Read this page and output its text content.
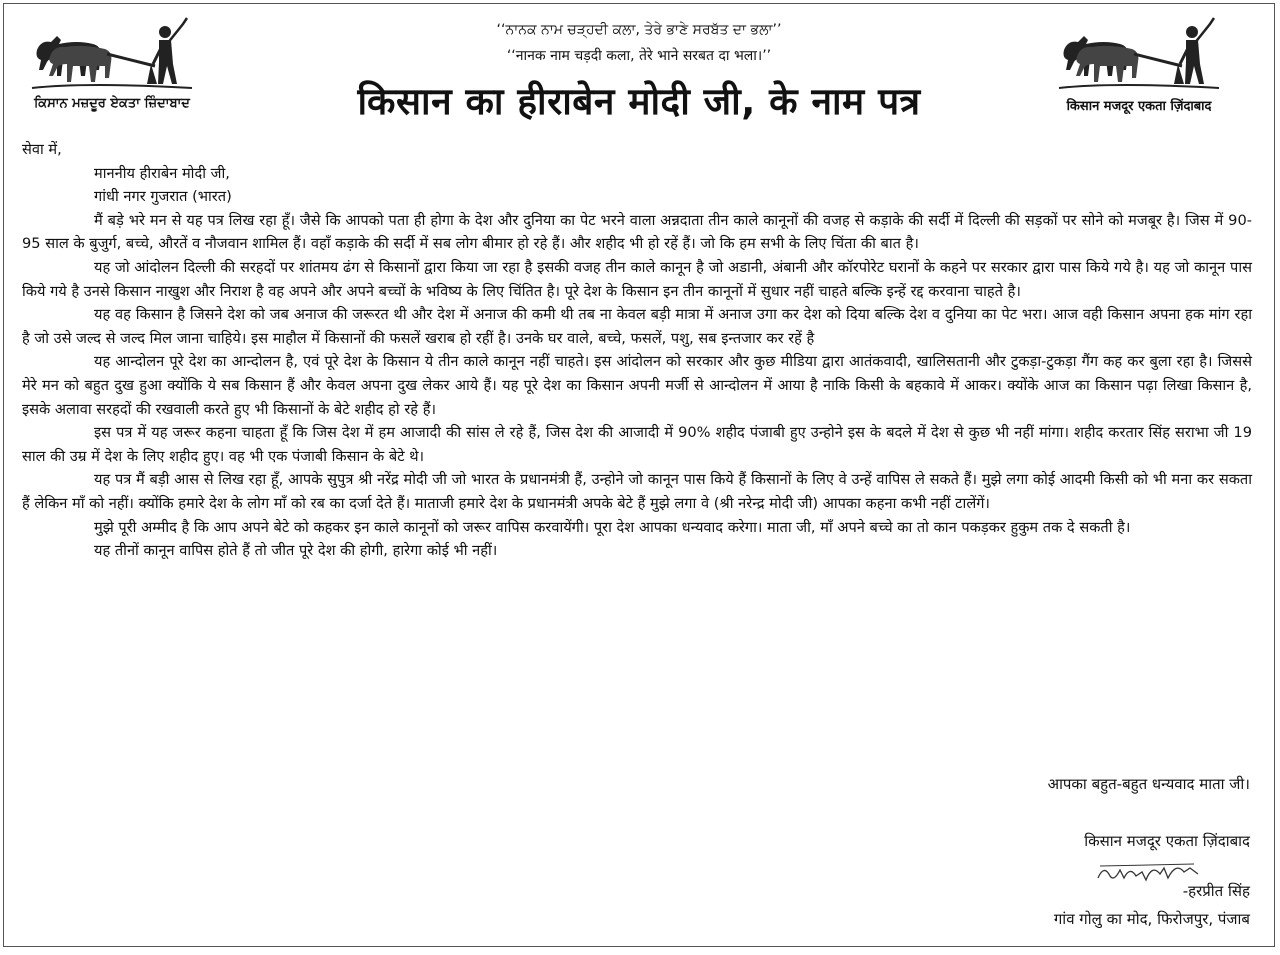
ਕਿਸਾਨ ਮਜ਼ਦੂਰ ਏਕਤਾ ਜ਼ਿੰਦਾਬਾਦ
‘‘ਨਾਨਕ ਨਾਮ ਚੜ੍ਹਦੀ ਕਲਾ, ਤੇਰੇ ਭਾਣੇ ਸਰਬੱਤ ਦਾ ਭਲਾ’’
‘‘नानक नाम चड़दी कला, तेरे भाने सरबत दा भला।’’
किसान का हीराबेन मोदी जी, के नाम पत्र	किसान मजदूर एकता ज़िंदाबाद
सेवा में,
माननीय हीराबेन मोदी जी,
गांधी नगर गुजरात (भारत)

मैं बड़े भरे मन से यह पत्र लिख रहा हूँ। जैसे कि आपको पता ही होगा के देश और दुनिया का पेट भरने वाला अन्नदाता तीन काले कानूनों की वजह से कड़ाके की सर्दी में दिल्ली की सड़कों पर सोने को मजबूर है। जिस में 90-95 साल के बुजुर्ग, बच्चे, औरतें व नौजवान शामिल हैं। वहाँ कड़ाके की सर्दी में सब लोग बीमार हो रहे हैं। और शहीद भी हो रहें हैं। जो कि हम सभी के लिए चिंता की बात है।

यह जो आंदोलन दिल्ली की सरहदों पर शांतमय ढंग से किसानों द्वारा किया जा रहा है इसकी वजह तीन काले कानून है जो अडानी, अंबानी और कॉरपोरेट घरानों के कहने पर सरकार द्वारा पास किये गये है। यह जो कानून पास किये गये है उनसे किसान नाखुश और निराश है वह अपने और अपने बच्चों के भविष्य के लिए चिंतित है। पूरे देश के किसान इन तीन कानूनों में सुधार नहीं चाहते बल्कि इन्हें रद्द करवाना चाहते है।

यह वह किसान है जिसने देश को जब अनाज की जरूरत थी और देश में अनाज की कमी थी तब ना केवल बड़ी मात्रा में अनाज उगा कर देश को दिया बल्कि देश व दुनिया का पेट भरा। आज वही किसान अपना हक मांग रहा है जो उसे जल्द से जल्द मिल जाना चाहिये। इस माहौल में किसानों की फसलें खराब हो रहीं है। उनके घर वाले, बच्चे, फसलें, पशु, सब इन्तजार कर रहें है

यह आन्दोलन पूरे देश का आन्दोलन है, एवं पूरे देश के किसान ये तीन काले कानून नहीं चाहते। इस आंदोलन को सरकार और कुछ मीडिया द्वारा आतंकवादी, खालिसतानी और टुकड़ा-टुकड़ा गैंग कह कर बुला रहा है। जिससे मेरे मन को बहुत दुख हुआ क्योंकि ये सब किसान हैं और केवल अपना दुख लेकर आये हैं। यह पूरे देश का किसान अपनी मर्जी से आन्दोलन में आया है नाकि किसी के बहकावे में आकर। क्योंके आज का किसान पढ़ा लिखा किसान है, इसके अलावा सरहदों की रखवाली करते हुए भी किसानों के बेटे शहीद हो रहे हैं।

इस पत्र में यह जरूर कहना चाहता हूँ कि जिस देश में हम आजादी की सांस ले रहे हैं, जिस देश की आजादी में 90% शहीद पंजाबी हुए उन्होने इस के बदले में देश से कुछ भी नहीं मांगा। शहीद करतार सिंह सराभा जी 19 साल की उम्र में देश के लिए शहीद हुए। वह भी एक पंजाबी किसान के बेटे थे।

यह पत्र मैं बड़ी आस से लिख रहा हूँ, आपके सुपुत्र श्री नरेंद्र मोदी जी जो भारत के प्रधानमंत्री हैं, उन्होने जो कानून पास किये हैं किसानों के लिए वे उन्हें वापिस ले सकते हैं। मुझे लगा कोई आदमी किसी को भी मना कर सकता हैं लेकिन माँ को नहीं। क्योंकि हमारे देश के लोग माँ को रब का दर्जा देते हैं। माताजी हमारे देश के प्रधानमंत्री अपके बेटे हैं मुझे लगा वे (श्री नरेन्द्र मोदी जी) आपका कहना कभी नहीं टालेंगें।

मुझे पूरी अम्मीद है कि आप अपने बेटे को कहकर इन काले कानूनों को जरूर वापिस करवायेंगी। पूरा देश आपका धन्यवाद करेगा। माता जी, माँ अपने बच्चे का तो कान पकड़कर हुकुम तक दे सकती है।

यह तीनों कानून वापिस होते हैं तो जीत पूरे देश की होगी, हारेगा कोई भी नहीं।

आपका बहुत-बहुत धन्यवाद माता जी।
किसान मजदूर एकता ज़िंदाबाद
-हरप्रीत सिंह
गांव गोलु का मोद, फिरोजपुर, पंजाब
